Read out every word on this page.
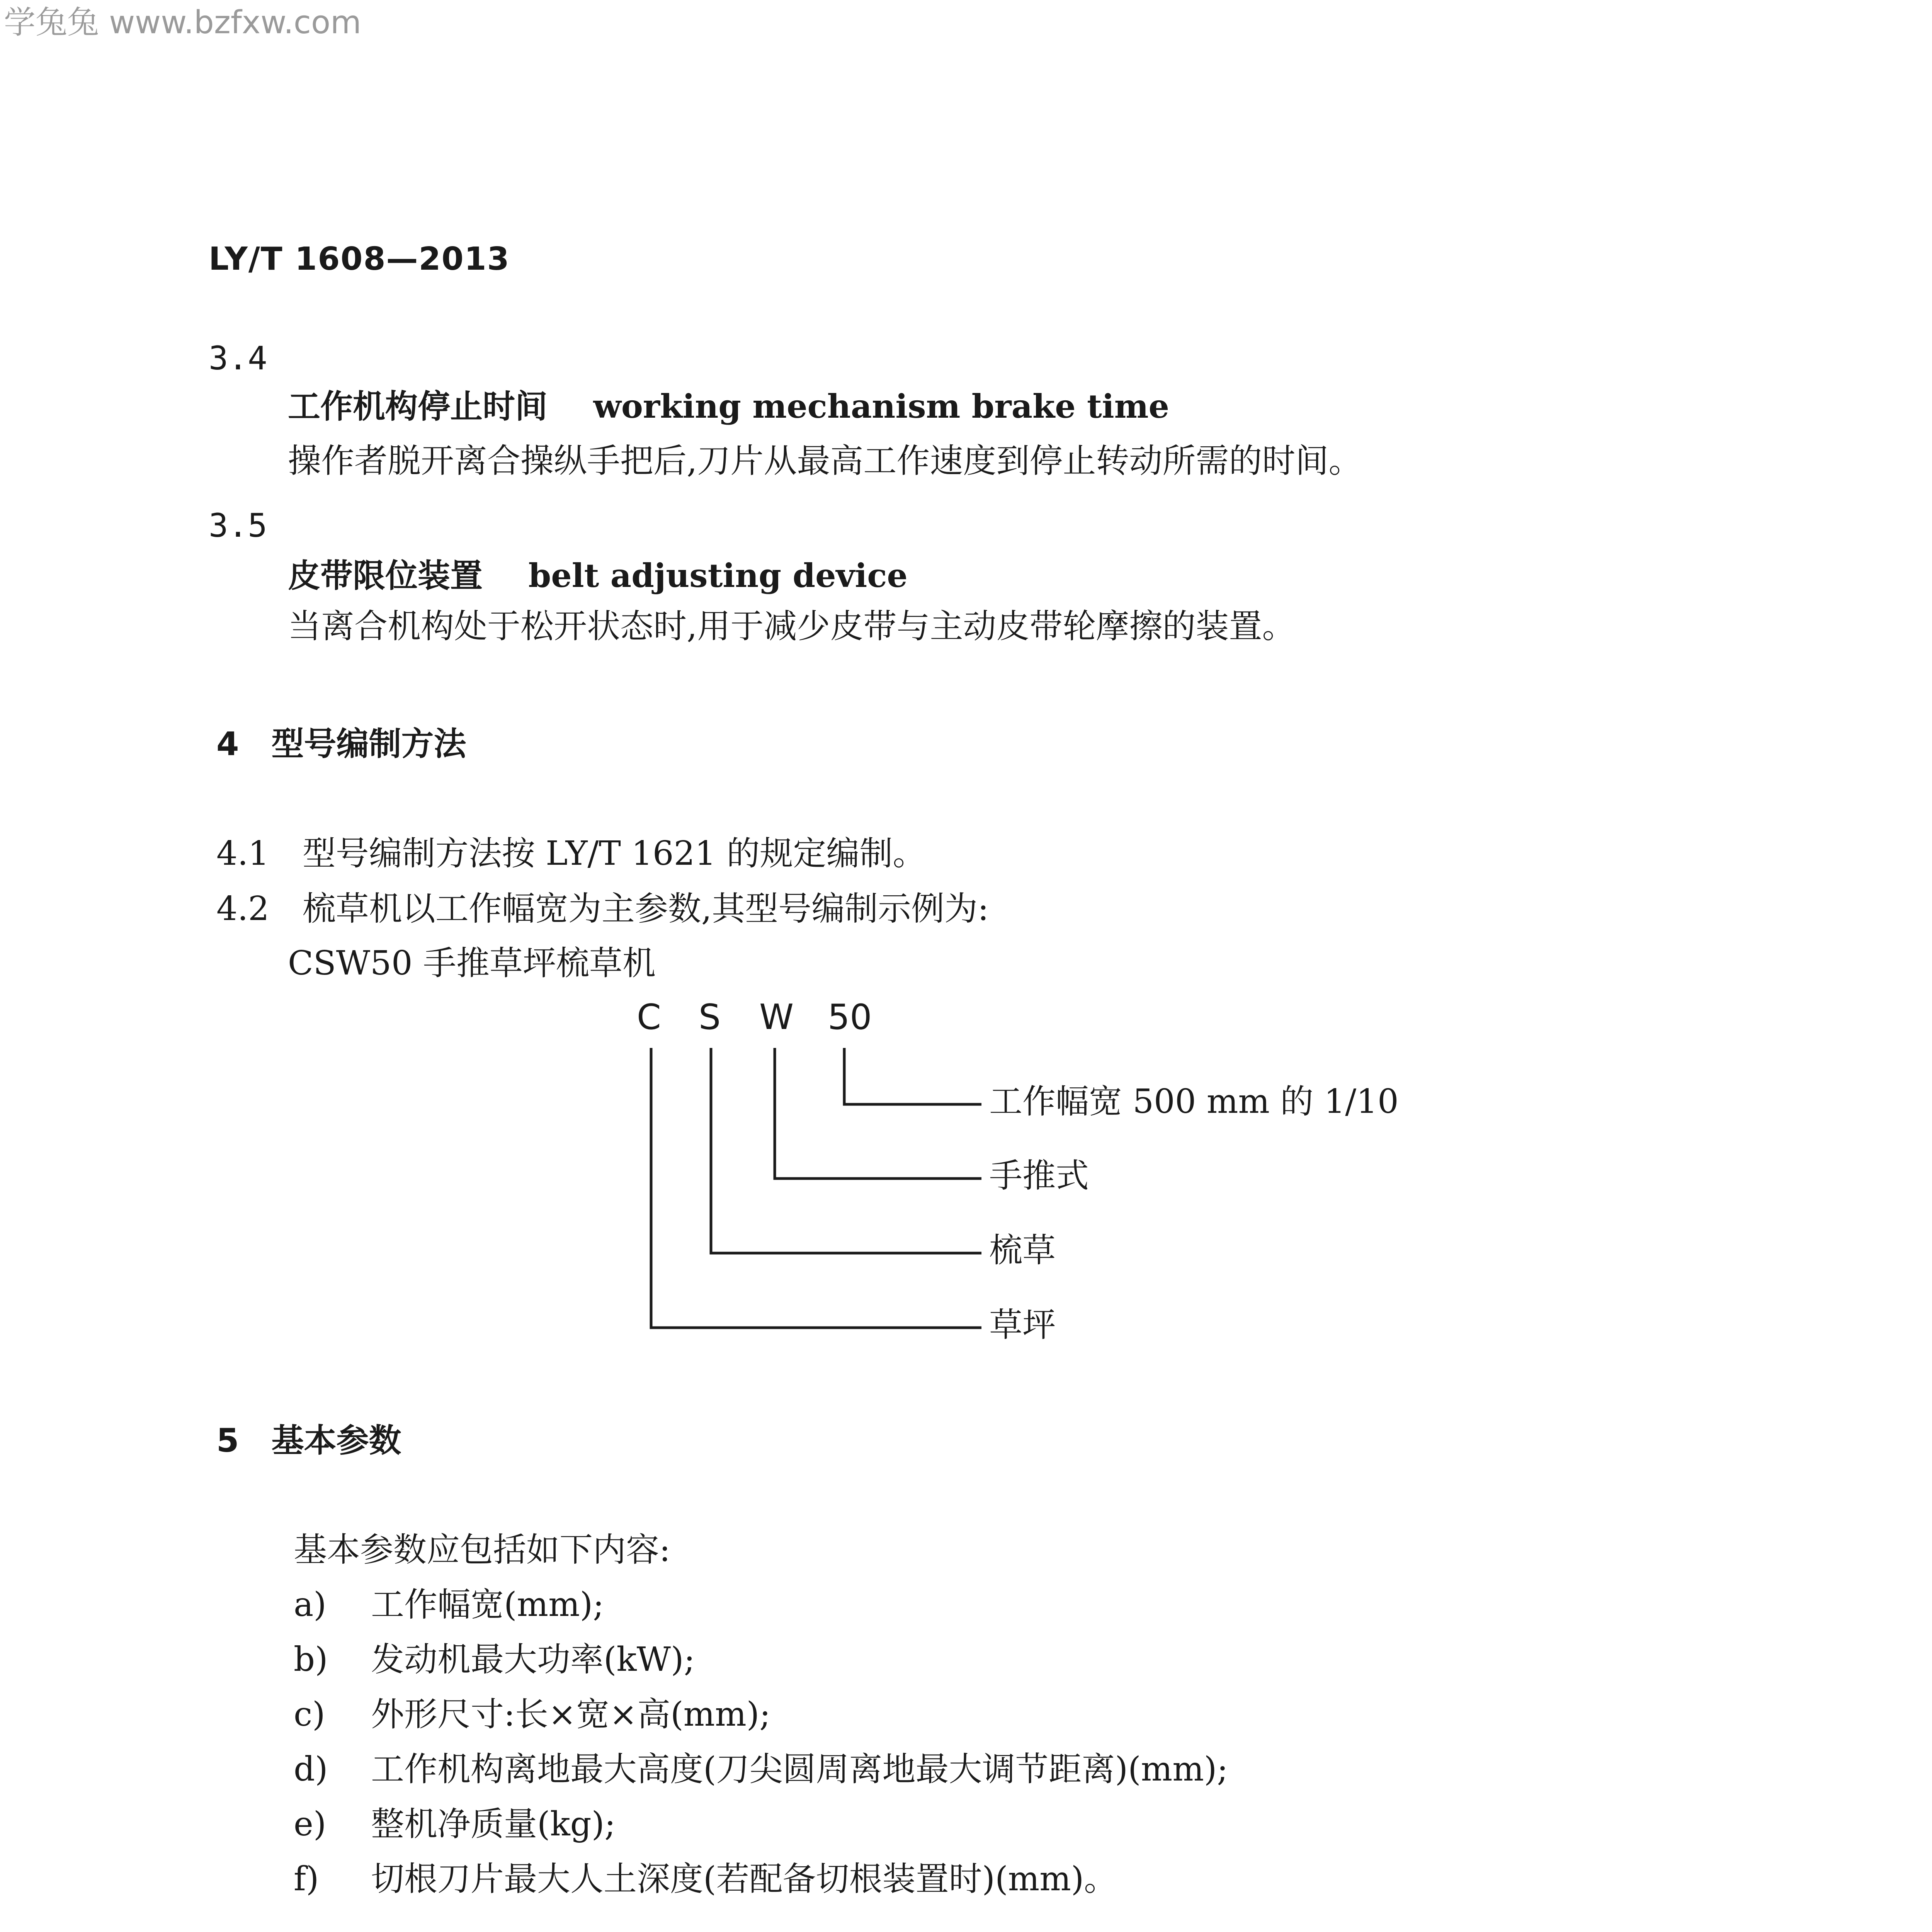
学兔兔 www.bzfxw.com
LY/T 1608—2013
3.4
工作机构停止时间 working mechanism brake time
操作者脱开离合操纵手把后,刀片从最高工作速度到停止转动所需的时间。
3.5
皮带限位装置 belt adjusting device
当离合机构处于松开状态时,用于减少皮带与主动皮带轮摩擦的装置。
4　型号编制方法
4.1　型号编制方法按 LY/T 1621 的规定编制。
4.2　梳草机以工作幅宽为主参数,其型号编制示例为:
CSW50 手推草坪梳草机
C S W 50
工作幅宽 500 mm 的 1/10
手推式
梳草
草坪
5　基本参数
基本参数应包括如下内容:
a) 工作幅宽(mm);
b) 发动机最大功率(kW);
c) 外形尺寸:长×宽×高(mm);
d) 工作机构离地最大高度(刀尖圆周离地最大调节距离)(mm);
e) 整机净质量(kg);
f) 切根刀片最大人土深度(若配备切根装置时)(mm)。
